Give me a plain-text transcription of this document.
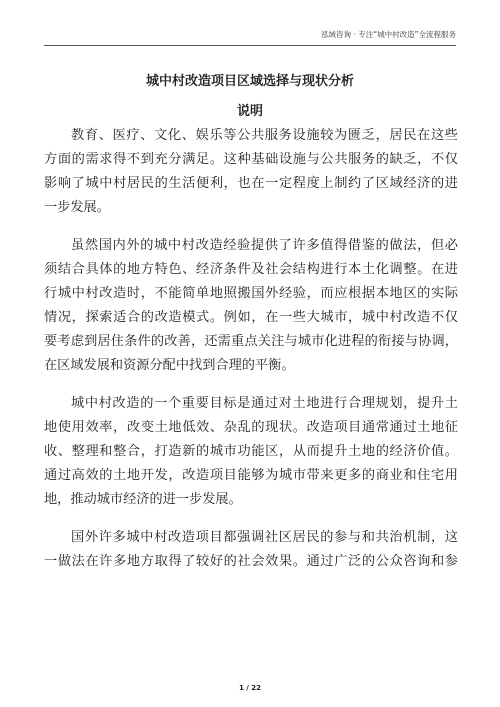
泓域咨询 · 专注“城中村改造”全流程服务
城中村改造项目区域选择与现状分析
说明
教育、医疗、文化、娱乐等公共服务设施较为匮乏，居民在这些
方面的需求得不到充分满足。这种基础设施与公共服务的缺乏，不仅
影响了城中村居民的生活便利，也在一定程度上制约了区域经济的进
一步发展。
虽然国内外的城中村改造经验提供了许多值得借鉴的做法，但必
须结合具体的地方特色、经济条件及社会结构进行本土化调整。在进
行城中村改造时，不能简单地照搬国外经验，而应根据本地区的实际
情况，探索适合的改造模式。例如，在一些大城市，城中村改造不仅
要考虑到居住条件的改善，还需重点关注与城市化进程的衔接与协调，
在区域发展和资源分配中找到合理的平衡。
城中村改造的一个重要目标是通过对土地进行合理规划，提升土
地使用效率，改变土地低效、杂乱的现状。改造项目通常通过土地征
收、整理和整合，打造新的城市功能区，从而提升土地的经济价值。
通过高效的土地开发，改造项目能够为城市带来更多的商业和住宅用
地，推动城市经济的进一步发展。
国外许多城中村改造项目都强调社区居民的参与和共治机制，这
一做法在许多地方取得了较好的社会效果。通过广泛的公众咨询和参
1 / 22
